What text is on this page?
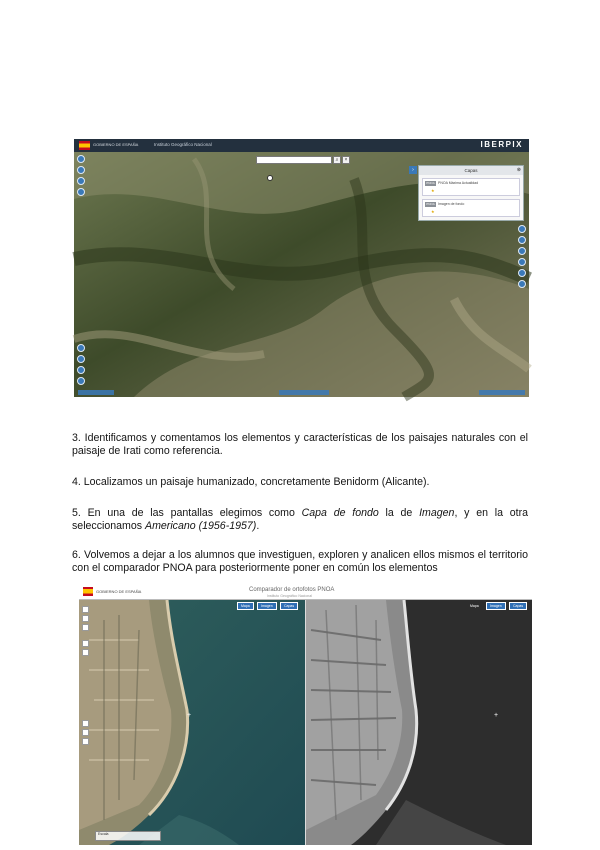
GOBIERNO DE ESPAÑA	Instituto Geográfico Nacional	IBERPIX
⌕	×
›	Capas	⊗
PNOA PNOA Máxima Actualidad
★
PNOA Imagen de fondo
★

3. Identificamos y comentamos los elementos y características de los paisajes naturales con el paisaje de Irati como referencia.

4. Localizamos un paisaje humanizado, concretamente Benidorm (Alicante).

5. En una de las pantallas elegimos como Capa de fondo la de Imagen, y en la otra seleccionamos Americano (1956-1957).

6. Volvemos a dejar a los alumnos que investiguen, exploren y analicen ellos mismos el territorio con el comparador PNOA para posteriormente poner en común los elementos

GOBIERNO DE ESPAÑA	Comparador de ortofotos PNOA
Instituto Geográfico Nacional
Mapa	Imagen	Capas
+
Escala
Mapa	Imagen	Capas
+
+
